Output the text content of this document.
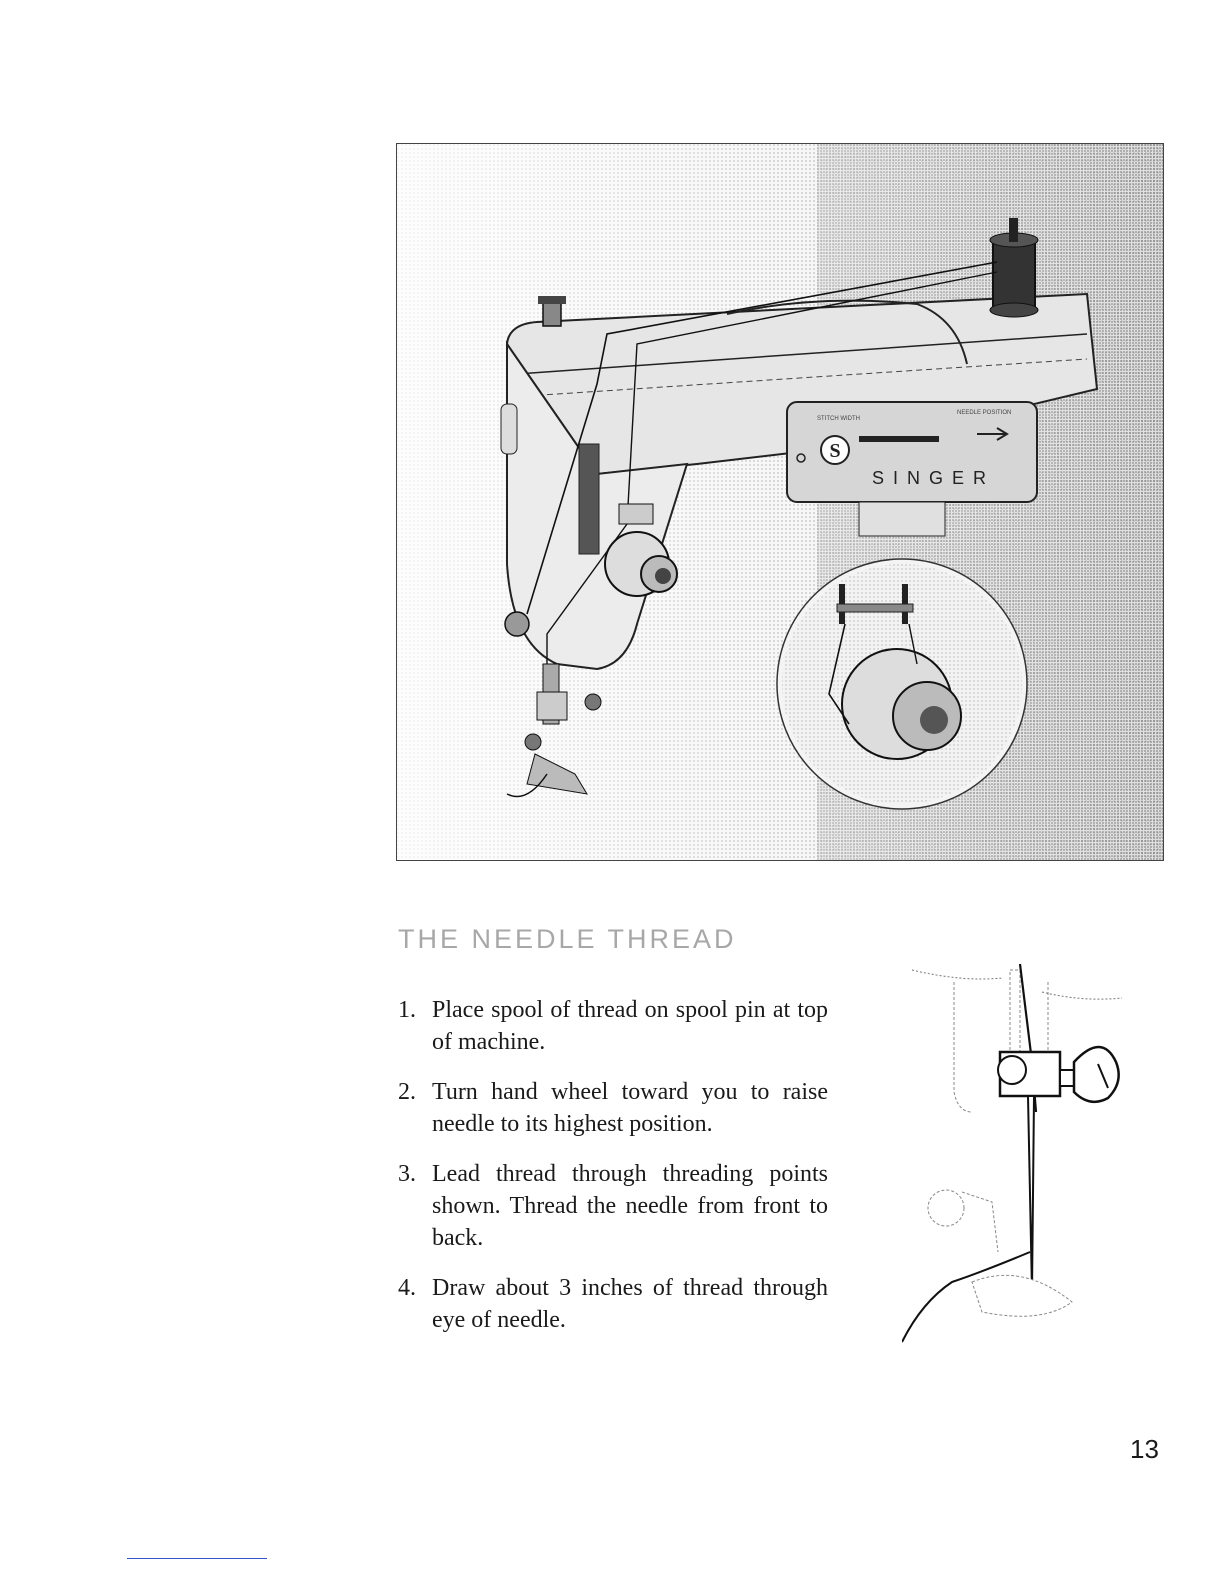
S
SINGER
STITCH WIDTH
NEEDLE POSITION
THE NEEDLE THREAD
1. Place spool of thread on spool pin at top of machine.
2. Turn hand wheel toward you to raise needle to its highest position.
3. Lead thread through threading points shown. Thread the needle from front to back.
4. Draw about 3 inches of thread through eye of needle.
13
